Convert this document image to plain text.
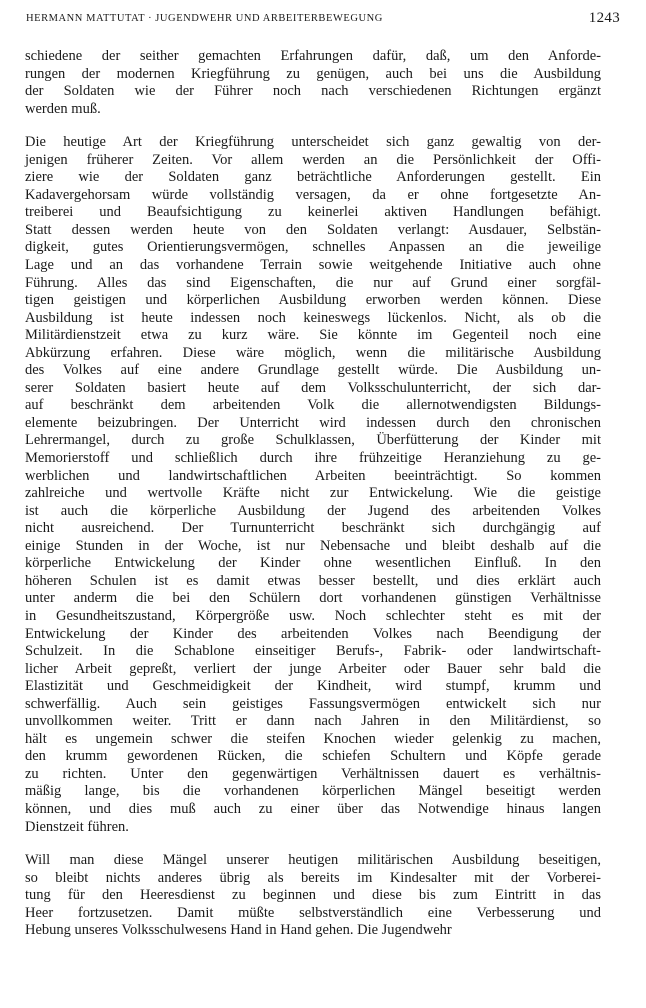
HERMANN MATTUTAT · JUGENDWEHR UND ARBEITERBEWEGUNG	1243
schiedene der seither gemachten Erfahrungen dafür, daß, um den Anforde-
rungen der modernen Kriegführung zu genügen, auch bei uns die Ausbildung
der Soldaten wie der Führer noch nach verschiedenen Richtungen ergänzt
werden muß.
Die heutige Art der Kriegführung unterscheidet sich ganz gewaltig von der-
jenigen früherer Zeiten. Vor allem werden an die Persönlichkeit der Offi-
ziere wie der Soldaten ganz beträchtliche Anforderungen gestellt. Ein
Kadavergehorsam würde vollständig versagen, da er ohne fortgesetzte An-
treiberei und Beaufsichtigung zu keinerlei aktiven Handlungen befähigt.
Statt dessen werden heute von den Soldaten verlangt: Ausdauer, Selbstän-
digkeit, gutes Orientierungsvermögen, schnelles Anpassen an die jeweilige
Lage und an das vorhandene Terrain sowie weitgehende Initiative auch ohne
Führung. Alles das sind Eigenschaften, die nur auf Grund einer sorgfäl-
tigen geistigen und körperlichen Ausbildung erworben werden können. Diese
Ausbildung ist heute indessen noch keineswegs lückenlos. Nicht, als ob die
Militärdienstzeit etwa zu kurz wäre. Sie könnte im Gegenteil noch eine
Abkürzung erfahren. Diese wäre möglich, wenn die militärische Ausbildung
des Volkes auf eine andere Grundlage gestellt würde. Die Ausbildung un-
serer Soldaten basiert heute auf dem Volksschulunterricht, der sich dar-
auf beschränkt dem arbeitenden Volk die allernotwendigsten Bildungs-
elemente beizubringen. Der Unterricht wird indessen durch den chronischen
Lehrermangel, durch zu große Schulklassen, Überfütterung der Kinder mit
Memorierstoff und schließlich durch ihre frühzeitige Heranziehung zu ge-
werblichen und landwirtschaftlichen Arbeiten beeinträchtigt. So kommen
zahlreiche und wertvolle Kräfte nicht zur Entwickelung. Wie die geistige
ist auch die körperliche Ausbildung der Jugend des arbeitenden Volkes
nicht ausreichend. Der Turnunterricht beschränkt sich durchgängig auf
einige Stunden in der Woche, ist nur Nebensache und bleibt deshalb auf die
körperliche Entwickelung der Kinder ohne wesentlichen Einfluß. In den
höheren Schulen ist es damit etwas besser bestellt, und dies erklärt auch
unter anderm die bei den Schülern dort vorhandenen günstigen Verhältnisse
in Gesundheitszustand, Körpergröße usw. Noch schlechter steht es mit der
Entwickelung der Kinder des arbeitenden Volkes nach Beendigung der
Schulzeit. In die Schablone einseitiger Berufs-, Fabrik- oder landwirtschaft-
licher Arbeit gepreßt, verliert der junge Arbeiter oder Bauer sehr bald die
Elastizität und Geschmeidigkeit der Kindheit, wird stumpf, krumm und
schwerfällig. Auch sein geistiges Fassungsvermögen entwickelt sich nur
unvollkommen weiter. Tritt er dann nach Jahren in den Militärdienst, so
hält es ungemein schwer die steifen Knochen wieder gelenkig zu machen,
den krumm gewordenen Rücken, die schiefen Schultern und Köpfe gerade
zu richten. Unter den gegenwärtigen Verhältnissen dauert es verhältnis-
mäßig lange, bis die vorhandenen körperlichen Mängel beseitigt werden
können, und dies muß auch zu einer über das Notwendige hinaus langen
Dienstzeit führen.
Will man diese Mängel unserer heutigen militärischen Ausbildung beseitigen,
so bleibt nichts anderes übrig als bereits im Kindesalter mit der Vorberei-
tung für den Heeresdienst zu beginnen und diese bis zum Eintritt in das
Heer fortzusetzen. Damit müßte selbstverständlich eine Verbesserung und
Hebung unseres Volksschulwesens Hand in Hand gehen. Die Jugendwehr
